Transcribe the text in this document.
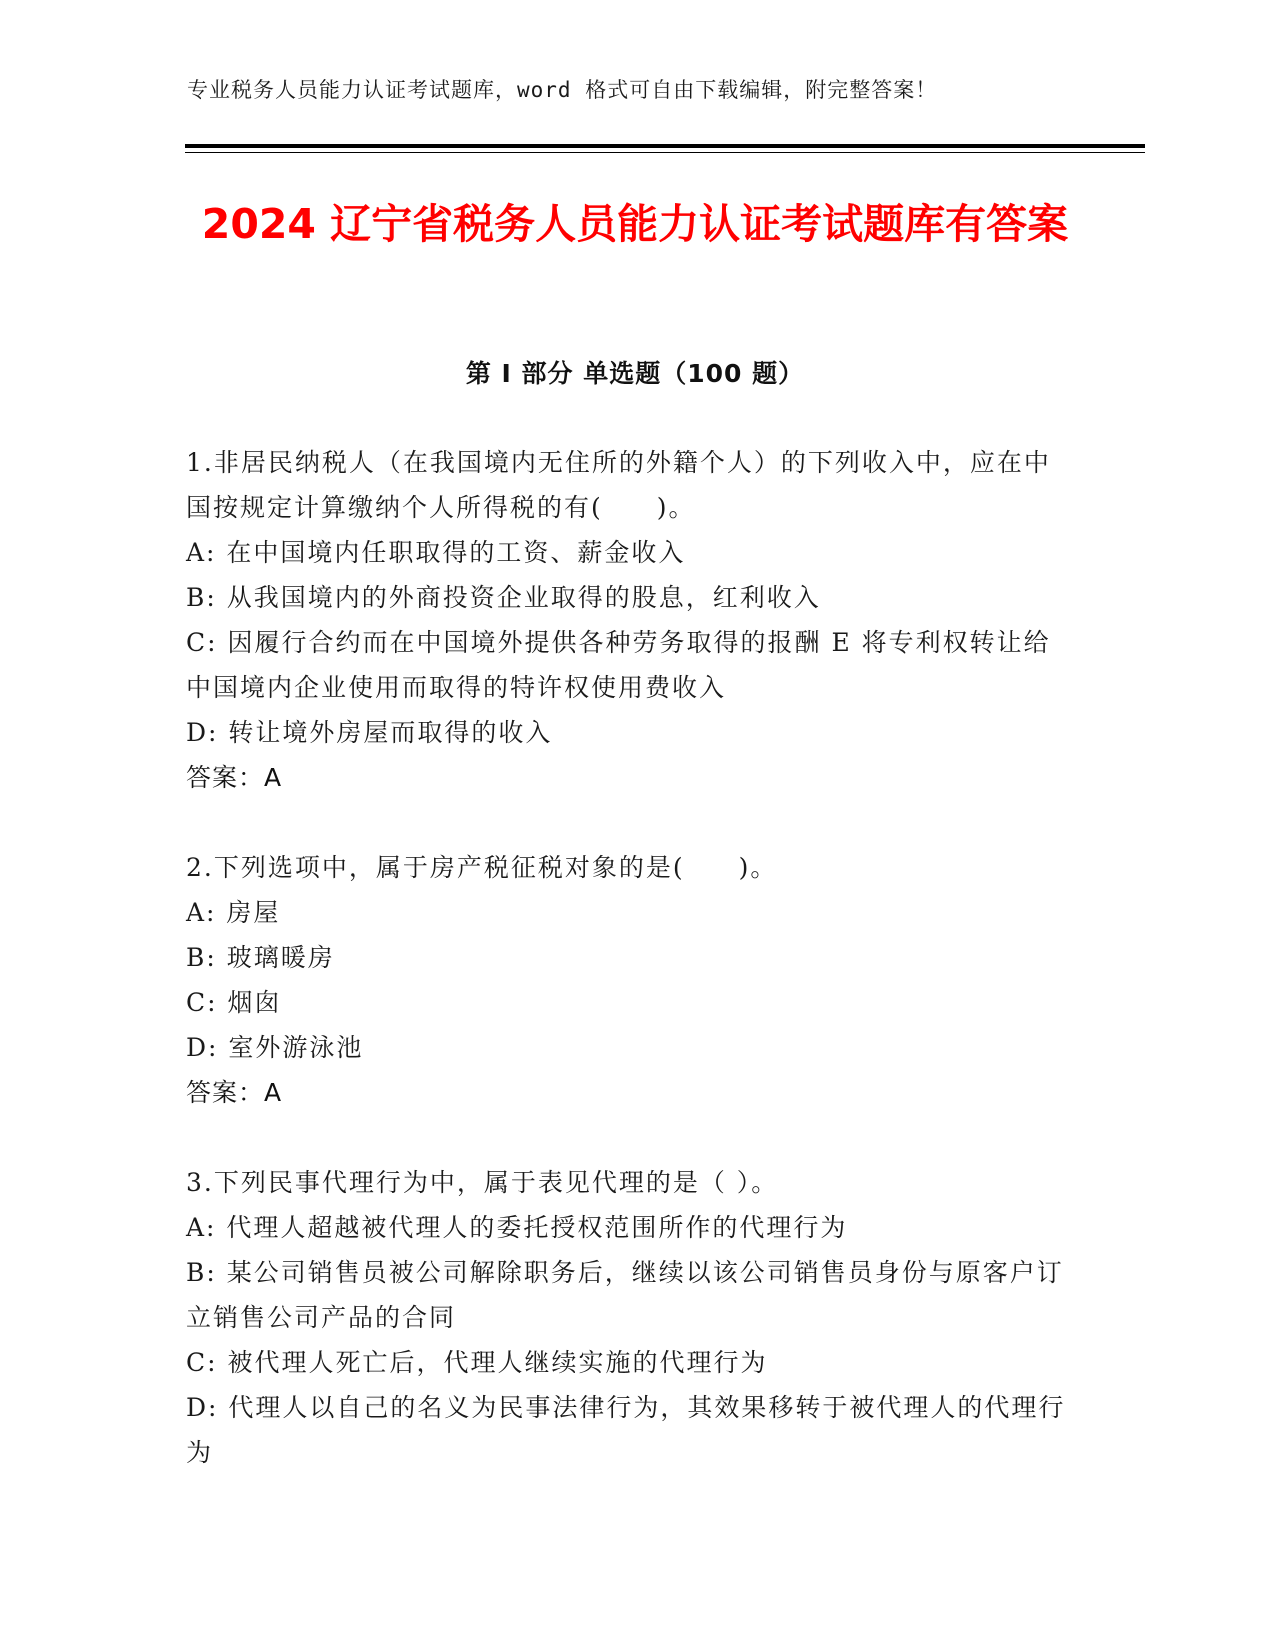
专业税务人员能力认证考试题库，word 格式可自由下载编辑，附完整答案！
2024 辽宁省税务人员能力认证考试题库有答案
第 I 部分 单选题（100 题）

1.非居民纳税人（在我国境内无住所的外籍个人）的下列收入中，应在中国按规定计算缴纳个人所得税的有(　　)。

A: 在中国境内任职取得的工资、薪金收入

B: 从我国境内的外商投资企业取得的股息，红利收入

C: 因履行合约而在中国境外提供各种劳务取得的报酬 E 将专利权转让给中国境内企业使用而取得的特许权使用费收入

D: 转让境外房屋而取得的收入

答案：A

2.下列选项中，属于房产税征税对象的是(　　)。

A: 房屋

B: 玻璃暖房

C: 烟囱

D: 室外游泳池

答案：A

3.下列民事代理行为中，属于表见代理的是（ ）。

A: 代理人超越被代理人的委托授权范围所作的代理行为

B: 某公司销售员被公司解除职务后，继续以该公司销售员身份与原客户订立销售公司产品的合同

C: 被代理人死亡后，代理人继续实施的代理行为

D: 代理人以自己的名义为民事法律行为，其效果移转于被代理人的代理行为
